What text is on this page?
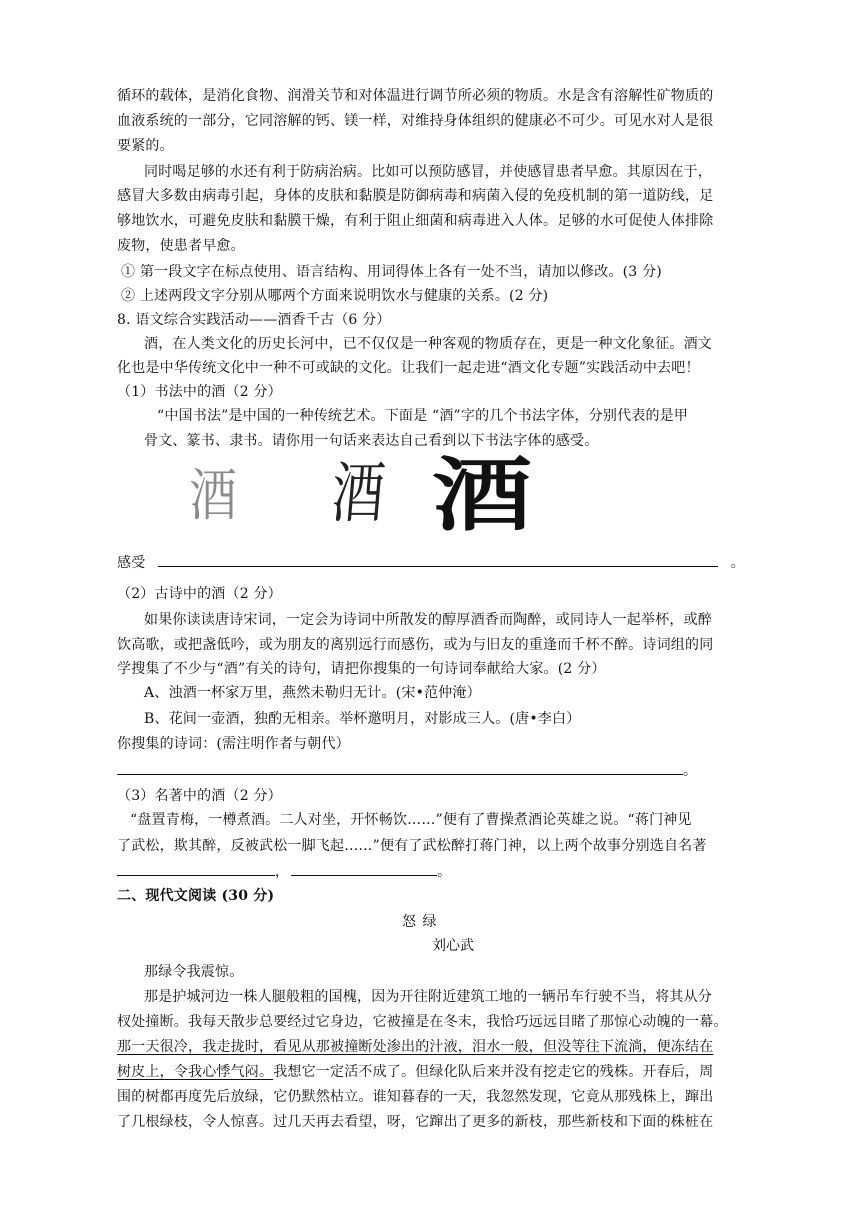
循环的载体，是消化食物、润滑关节和对体温进行调节所必须的物质。水是含有溶解性矿物质的
血液系统的一部分，它同溶解的钙、镁一样，对维持身体组织的健康必不可少。可见水对人是很
要紧的。
同时喝足够的水还有利于防病治病。比如可以预防感冒，并使感冒患者早愈。其原因在于，
感冒大多数由病毒引起，身体的皮肤和黏膜是防御病毒和病菌入侵的免疫机制的第一道防线，足
够地饮水，可避免皮肤和黏膜干燥，有利于阻止细菌和病毒进入人体。足够的水可促使人体排除
废物，使患者早愈。
① 第一段文字在标点使用、语言结构、用词得体上各有一处不当，请加以修改。(3 分)
② 上述两段文字分别从哪两个方面来说明饮水与健康的关系。(2 分)
8. 语文综合实践活动——酒香千古（6 分）
酒，在人类文化的历史长河中，已不仅仅是一种客观的物质存在，更是一种文化象征。酒文
化也是中华传统文化中一种不可或缺的文化。让我们一起走进“酒文化专题”实践活动中去吧！
（1）书法中的酒（2 分）
“中国书法”是中国的一种传统艺术。下面是 “酒”字的几个书法字体，分别代表的是甲
骨文、篆书、隶书。请你用一句话来表达自己看到以下书法字体的感受。
酒 酒 酒
感受	。
（2）古诗中的酒（2 分）
如果你读读唐诗宋词，一定会为诗词中所散发的醇厚酒香而陶醉，或同诗人一起举杯，或醉
饮高歌，或把盏低吟，或为朋友的离别远行而感伤，或为与旧友的重逢而千杯不醉。诗词组的同
学搜集了不少与“酒”有关的诗句，请把你搜集的一句诗词奉献给大家。(2 分）
A、浊酒一杯家万里，燕然未勒归无计。(宋•范仲淹）
B、花间一壶酒，独酌无相亲。举杯邀明月，对影成三人。(唐•李白）
你搜集的诗词：(需注明作者与朝代）
。
（3）名著中的酒（2 分）
“盘置青梅，一樽煮酒。二人对坐，开怀畅饮……”便有了曹操煮酒论英雄之说。“蒋门神见
了武松，欺其醉，反被武松一脚飞起……”便有了武松醉打蒋门神，以上两个故事分别选自名著
，	。
二、现代文阅读 (30 分)
怒 绿
刘心武
那绿令我震惊。
那是护城河边一株人腿般粗的国槐，因为开往附近建筑工地的一辆吊车行驶不当，将其从分
杈处撞断。我每天散步总要经过它身边，它被撞是在冬末，我恰巧远远目睹了那惊心动魄的一幕。
那一天很冷，我走拢时，看见从那被撞断处渗出的汁液，泪水一般，但没等往下流淌，便冻结在
树皮上，令我心悸气闷。我想它一定活不成了。但绿化队后来并没有挖走它的残株。开春后，周
围的树都再度先后放绿，它仍默然枯立。谁知暮春的一天，我忽然发现，它竟从那残株上，蹿出
了几根绿枝，令人惊喜。过几天再去看望，呀，它蹿出了更多的新枝，那些新枝和下面的株桩在
